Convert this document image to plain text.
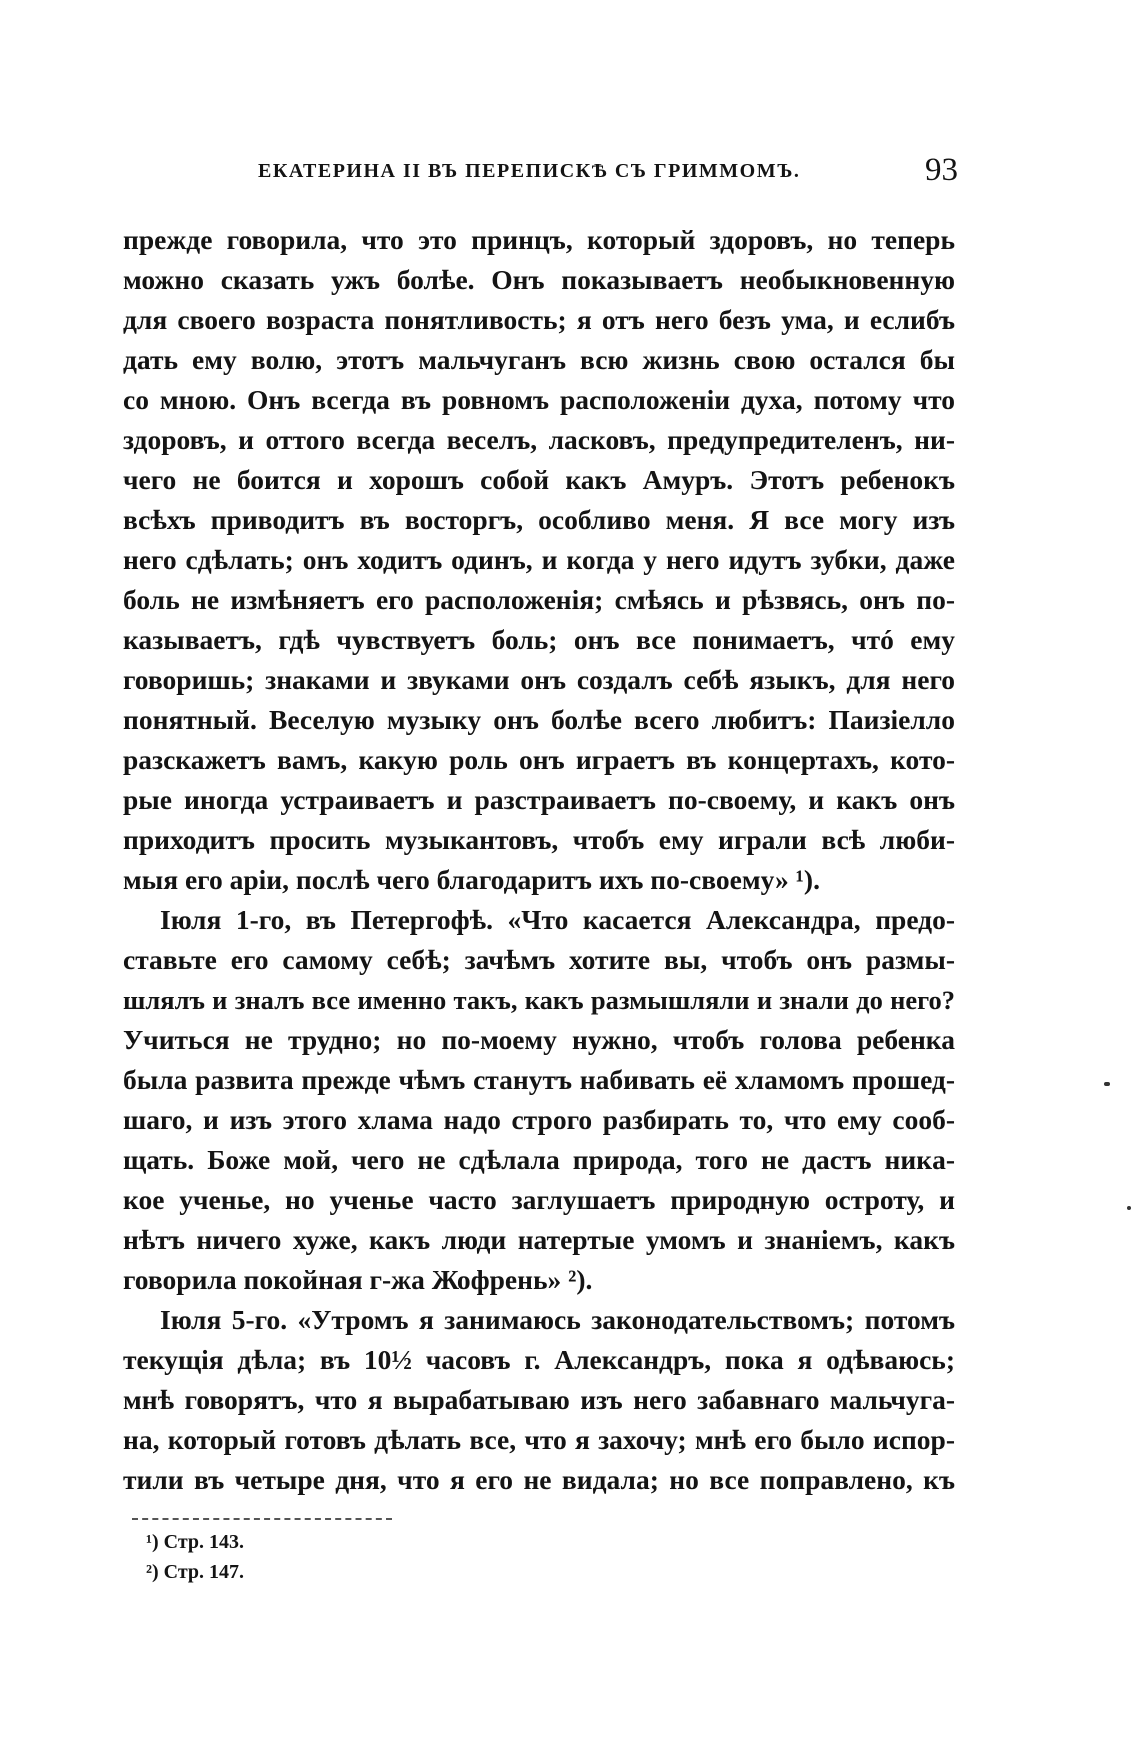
ЕКАТЕРИНА II ВЪ ПЕРЕПИСКѢ СЪ ГРИММОМЪ.	93
прежде говорила, что это принцъ, который здоровъ, но теперь
можно сказать ужъ болѣе. Онъ показываетъ необыкновенную
для своего возраста понятливость; я отъ него безъ ума, и еслибъ
дать ему волю, этотъ мальчуганъ всю жизнь свою остался бы
со мною. Онъ всегда въ ровномъ расположеніи духа, потому что
здоровъ, и оттого всегда веселъ, ласковъ, предупредителенъ, ни-
чего не боится и хорошъ собой какъ Амуръ. Этотъ ребенокъ
всѣхъ приводитъ въ восторгъ, особливо меня. Я все могу изъ
него сдѣлать; онъ ходитъ одинъ, и когда у него идутъ зубки, даже
боль не измѣняетъ его расположенія; смѣясь и рѣзвясь, онъ по-
казываетъ, гдѣ чувствуетъ боль; онъ все понимаетъ, чтó ему
говоришь; знаками и звуками онъ создалъ себѣ языкъ, для него
понятный. Веселую музыку онъ болѣе всего любитъ: Паизіелло
разскажетъ вамъ, какую роль онъ играетъ въ концертахъ, кото-
рые иногда устраиваетъ и разстраиваетъ по-своему, и какъ онъ
приходитъ просить музыкантовъ, чтобъ ему играли всѣ люби-
мыя его аріи, послѣ чего благодаритъ ихъ по-своему» ¹).
Іюля 1-го, въ Петергофѣ. «Что касается Александра, предо-
ставьте его самому себѣ; зачѣмъ хотите вы, чтобъ онъ размы-
шлялъ и зналъ все именно такъ, какъ размышляли и знали до него?
Учиться не трудно; но по-моему нужно, чтобъ голова ребенка
была развита прежде чѣмъ станутъ набивать её хламомъ прошед-
шаго, и изъ этого хлама надо строго разбирать то, что ему сооб-
щать. Боже мой, чего не сдѣлала природа, того не дастъ никa-
кое ученье, но ученье часто заглушаетъ природную остроту, и
нѣтъ ничего хуже, какъ люди натертые умомъ и знаніемъ, какъ
говорила покойная г-жа Жофрень» ²).
Іюля 5-го. «Утромъ я занимаюсь законодательствомъ; потомъ
текущія дѣла; въ 10½ часовъ г. Александръ, пока я одѣваюсь;
мнѣ говорятъ, что я вырабатываю изъ него забавнаго мальчуга-
на, который готовъ дѣлать все, что я захочу; мнѣ его было испор-
тили въ четыре дня, что я его не видала; но все поправлено, къ
¹) Стр. 143.
²) Стр. 147.
